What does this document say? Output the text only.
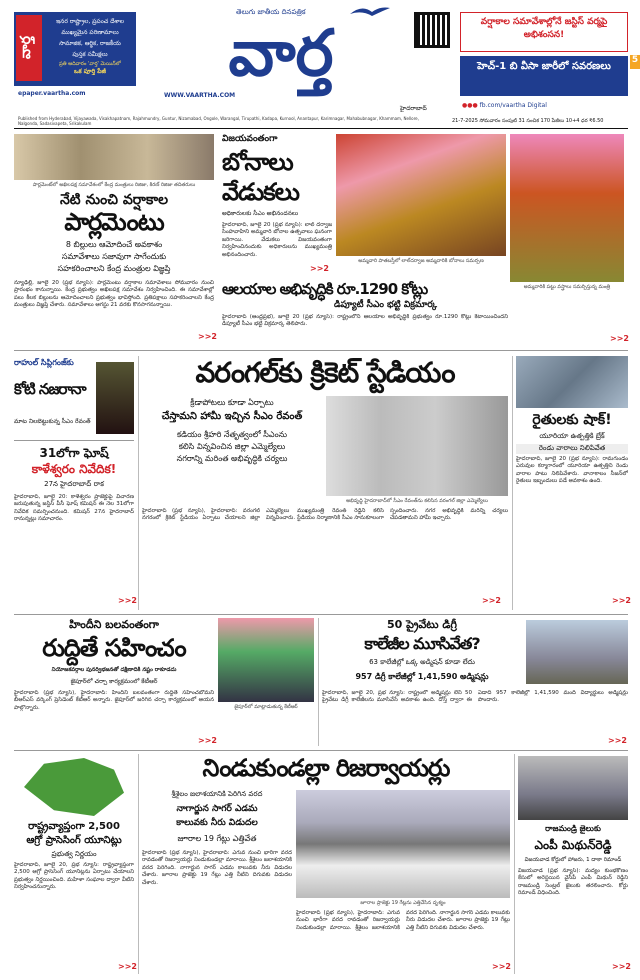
వార్త
ఇనర రాష్ట్రాల, ప్రపంచ దేశాల
ముఖ్యమైన పరిణామాలు
సామాజిక, ఆర్థిక, రాజకీయ
పుస్తక సమీక్షలు
ప్రతి ఆదివారం 'వార్త' మెయిన్‌లో
ఒక పూర్తి పేజీ
epaper.vaartha.com	WWW.VAARTHA.COM
తెలుగు జాతీయ దినపత్రిక
వార్త	వర్షాకాల సమావేశాల్లోనే జస్టిస్ వర్మపై అభిశంసన!
హెచ్‌-1 బి వీసా జారీలో సవరణలు
5
హైదరాబాద్	●●● fb.com/vaartha Digital
Published from Hyderabad, Vijayawada, Visakhapatnam, Rajahmundry, Guntur, Nizamabad, Ongole, Warangal, Tirupathi, Kadapa, Kurnool, Anantapur, Karimnagar, Mahabubnagar, Khammam, Nellore, Nalgonda, Sadasivapeta, Srikakulam	21-7-2025 సోమవారం సంపుటి 31 సంచిక 170 పేజీలు 10+4 ధర ₹6.50
పార్లమెంట్‌లో అఖిలపక్ష సమావేశంలో కేంద్ర మంత్రులు రిజిజు, కిరణ్ రిజిజు తదితరులు
నేటి నుంచి వర్షాకాల
పార్లమెంటు
8 బిల్లులు ఆమోదించే అవకాశం
సమావేశాలు సజావుగా సాగేందుకు
సహకరించాలని కేంద్ర మంత్రుల విజ్ఞప్తి
న్యూఢిల్లీ, జూలై 20 (ప్రభ న్యూస్): పార్లమెంటు వర్షాకాల సమావేశాలు సోమవారం నుంచి ప్రారంభం కానున్నాయి. కేంద్ర ప్రభుత్వం అఖిలపక్ష సమావేశం నిర్వహించింది. ఈ సమావేశాల్లో పలు కీలక బిల్లులను ఆమోదించాలని ప్రభుత్వం భావిస్తోంది. ప్రతిపక్షాలు సహకరించాలని కేంద్ర మంత్రులు విజ్ఞప్తి చేశారు. సమావేశాలు ఆగస్టు 21 వరకు కొనసాగనున్నాయి.
>>2
విజయవంతంగా
బోనాలు
వేడుకలు
అధికారులకు సీఎం అభినందనలు
హైదరాబాద్, జూలై 20 (ప్రభ న్యూస్): లాల్ దర్వాజ సింహవాహిని అమ్మవారి బోనాల ఉత్సవాలు ఘనంగా జరిగాయి. వేడుకలు విజయవంతంగా నిర్వహించినందుకు అధికారులను ముఖ్యమంత్రి అభినందించారు.
>>2
అమ్మవారి పాతబస్తీలో లాల్‌దర్వాజ అమ్మవారికి బోనాలు సమర్పణ
ఆలయాల అభివృద్ధికి రూ.1290 కోట్లు
డిప్యూటీ సీఎం భట్టి విక్రమార్క
హైదరాబాద్ (ఆంధ్రప్రభ), జూలై 20 (ప్రభ న్యూస్): రాష్ట్రంలోని ఆలయాల అభివృద్ధికి ప్రభుత్వం రూ.1290 కోట్లు కేటాయించిందని డిప్యూటీ సీఎం భట్టి విక్రమార్క తెలిపారు.
అమ్మవారికి పట్టు వస్త్రాలు సమర్పిస్తున్న మంత్రి
>>2
రాహుల్ సిప్లిగంజ్‌కు
కోటి నజరానా
మాట నిలబెట్టుకున్న సీఎం రేవంత్
31లోగా ఘోష్
కాళేశ్వరం నివేదిక!
27న హైదరాబాద్ రాక
హైదరాబాద్, జూలై 20: కాళేశ్వరం ప్రాజెక్టుపై విచారణ జరుపుతున్న జస్టిస్ పీసీ ఘోష్ కమిషన్ ఈ నెల 31లోగా నివేదిక సమర్పించనుంది. కమిషన్ 27న హైదరాబాద్ రానున్నట్లు సమాచారం.
>>2
వరంగల్‌కు క్రికెట్ స్టేడియం
క్రీడాపోటలు కూడా ఏర్పాటు
చేస్తామని హామీ ఇచ్చిన సీఎం రేవంత్
కడియం శ్రీహరి నేతృత్వంలో సీఎంను
కలిసి విన్నవించిన జిల్లా ఎమ్మెల్యేలు
నగరాన్ని మరింత అభివృద్ధికి చర్యలు
అభివృద్ధి హైదరాబాద్‌లో సీఎం రేవంత్‌ను కలిసిన వరంగల్ జిల్లా ఎమ్మెల్యేలు
హైదరాబాద్ (ప్రభ న్యూస్), హైదరాబాద్: వరంగల్ నగరంలో క్రికెట్ స్టేడియం ఏర్పాటు చేయాలని జిల్లా ఎమ్మెల్యేలు ముఖ్యమంత్రి రేవంత్ రెడ్డిని కలిసి విన్నవించారు. స్టేడియం నిర్మాణానికి సీఎం సానుకూలంగా స్పందించారు. నగర అభివృద్ధికి మరిన్ని చర్యలు చేపడతామని హామీ ఇచ్చారు.
>>2
రైతులకు షాక్!
యూరియా ఉత్పత్తికి బ్రేక్
రెండు వారాలు నిలిపివేత
హైదరాబాద్, జూలై 20 (ప్రభ న్యూస్): రామగుండం ఎరువుల కర్మాగారంలో యూరియా ఉత్పత్తిని రెండు వారాల పాటు నిలిపివేశారు. వానాకాలం సీజన్‌లో రైతులు ఇబ్బందులు పడే అవకాశం ఉంది.
>>2
హిందీని బలవంతంగా
రుద్దితే సహించం
నియోజకవర్గాల పునర్విభజనతో దక్షిణాదికి నష్టం రాకూడదు
జైపూర్‌లో చర్చా కార్యక్రమంలో కేటీఆర్
జైపూర్‌లో మాట్లాడుతున్న కేటీఆర్
హైదరాబాద్ (ప్రభ న్యూస్), హైదరాబాద్: హిందీని బలవంతంగా రుద్దితే సహించబోమని బీఆర్ఎస్ వర్కింగ్ ప్రెసిడెంట్ కేటీఆర్ అన్నారు. జైపూర్‌లో జరిగిన చర్చా కార్యక్రమంలో ఆయన పాల్గొన్నారు.
>>2
50 ప్రైవేటు డిగ్రీ
కాలేజీల మూసివేత?
63 కాలేజీల్లో ఒక్క అడ్మిషన్ కూడా లేదు
957 డిగ్రీ కాలేజీల్లో 1,41,590 అడ్మిషన్లు
హైదరాబాద్, జూలై 20, ప్రభ న్యూస్: రాష్ట్రంలో అడ్మిషన్లు లేని 50 ప్రైవేటు డిగ్రీ కాలేజీలను మూసివేసే అవకాశం ఉంది. దోస్త్ ద్వారా ఈ ఏడాది 957 కాలేజీల్లో 1,41,590 మంది విద్యార్థులు అడ్మిషన్లు పొందారు.
>>2
రాష్ట్రవ్యాప్తంగా 2,500
ఆగ్రో ప్రాసెసింగ్ యూనిట్లు
ప్రభుత్వ నిర్ణయం
హైదరాబాద్, జూలై 20, ప్రభ న్యూస్: రాష్ట్రవ్యాప్తంగా 2,500 ఆగ్రో ప్రాసెసింగ్ యూనిట్లను ఏర్పాటు చేయాలని ప్రభుత్వం నిర్ణయించింది. మహిళా సంఘాల ద్వారా వీటిని నిర్వహించనున్నారు.
>>2
నిండుకుండల్లా రిజర్వాయర్లు
శ్రీశైలం జలాశయానికి పెరిగిన వరద
నాగార్జున సాగర్ ఎడమ
కాలువకు నీరు విడుదల
జూరాల 19 గేట్లు ఎత్తివేత
జూరాల ప్రాజెక్టు 19 గేట్లను ఎత్తివేసిన దృశ్యం
హైదరాబాద్ (ప్రభ న్యూస్), హైదరాబాద్: ఎగువ నుంచి భారీగా వరద రావడంతో రిజర్వాయర్లు నిండుకుండల్లా మారాయి. శ్రీశైలం జలాశయానికి వరద పెరిగింది. నాగార్జున సాగర్ ఎడమ కాలువకు నీరు విడుదల చేశారు. జూరాల ప్రాజెక్టు 19 గేట్లు ఎత్తి నీటిని దిగువకు విడుదల చేశారు.
హైదరాబాద్ (ప్రభ న్యూస్), హైదరాబాద్: ఎగువ నుంచి భారీగా వరద రావడంతో రిజర్వాయర్లు నిండుకుండల్లా మారాయి. శ్రీశైలం జలాశయానికి వరద పెరిగింది. నాగార్జున సాగర్ ఎడమ కాలువకు నీరు విడుదల చేశారు. జూరాల ప్రాజెక్టు 19 గేట్లు ఎత్తి నీటిని దిగువకు విడుదల చేశారు.
>>2
రాజమండ్రి జైలుకు
ఎంపీ మిథున్‌రెడ్డి
విజయవాడ కోర్టులో హాజరు, 1 దాకా రిమాండ్
విజయవాడ (ప్రభ న్యూస్): మద్యం కుంభకోణం కేసులో అరెస్టయిన వైసీపీ ఎంపీ మిథున్ రెడ్డిని రాజమండ్రి సెంట్రల్ జైలుకు తరలించారు. కోర్టు రిమాండ్ విధించింది.
>>2
